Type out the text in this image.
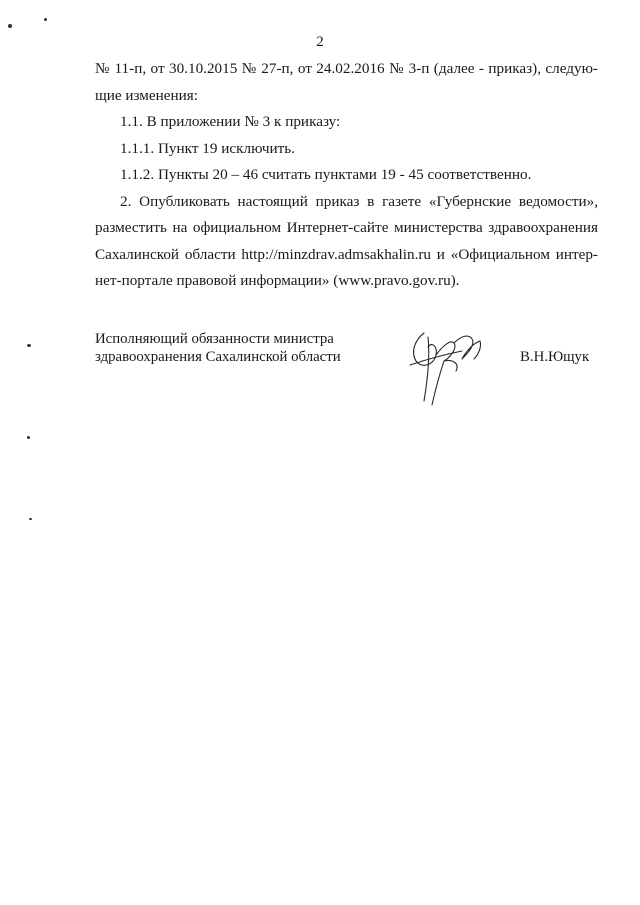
2

№ 11-п, от 30.10.2015 № 27-п, от 24.02.2016 № 3-п (далее - приказ), следую-
щие изменения:

1.1. В приложении № 3 к приказу:

1.1.1. Пункт 19 исключить.

1.1.2. Пункты 20 – 46 считать пунктами 19 - 45 соответственно.

2. Опубликовать настоящий приказ в газете «Губернские ведомости»,
разместить на официальном Интернет-сайте министерства здравоохранения
Сахалинской области http://minzdrav.admsakhalin.ru и «Официальном интер-
нет-портале правовой информации» (www.pravo.gov.ru).

Исполняющий обязанности министра
здравоохранения Сахалинской области	В.Н.Ющук
